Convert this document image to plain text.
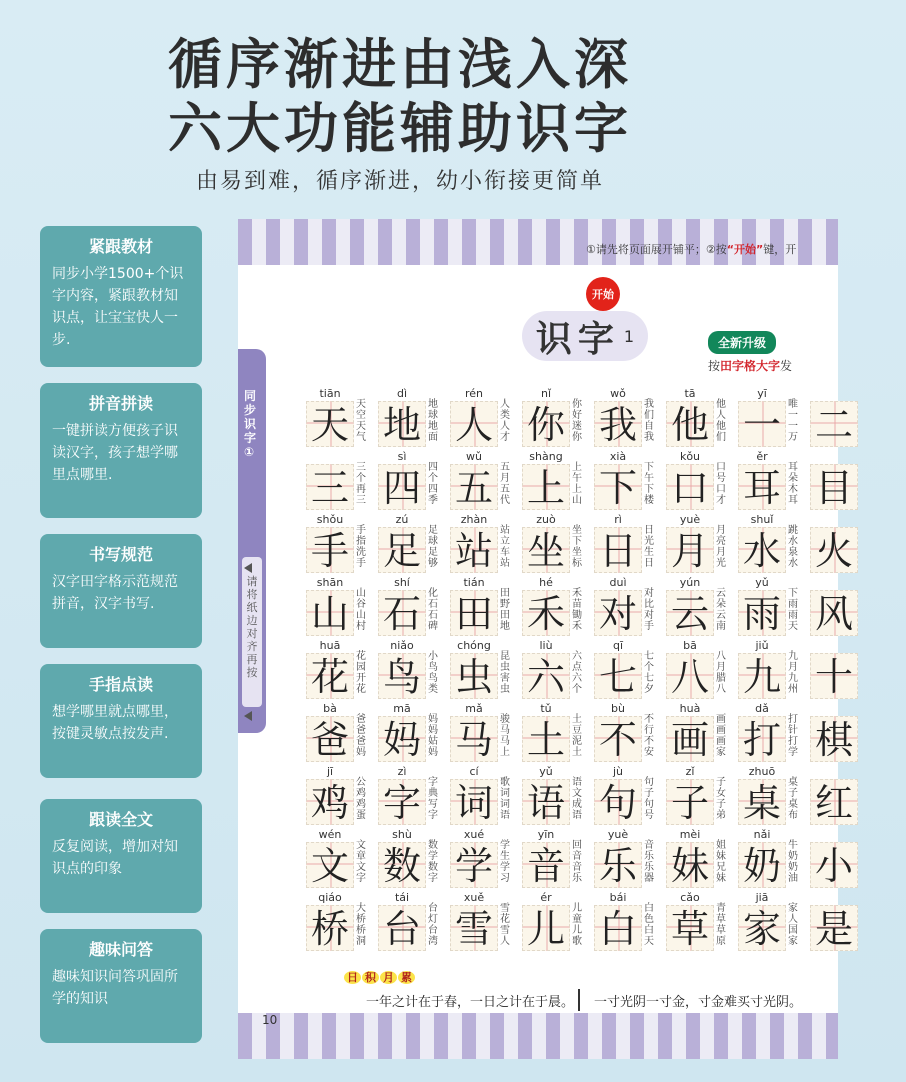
循序渐进由浅入深
六大功能辅助识字
由易到难，循序渐进，幼小衔接更简单
紧跟教材
同步小学1500+个识字内容，紧跟教材知识点，让宝宝快人一步.
拼音拼读
一键拼读方便孩子识读汉字，孩子想学哪里点哪里.
书写规范
汉字田字格示范规范拼音，汉字书写.
手指点读
想学哪里就点哪里，按键灵敏点按发声.
跟读全文
反复阅读，增加对知识点的印象
趣味问答
趣味知识问答巩固所学的知识
①请先将页面展开铺平；②按“开始”键，开
开始
识字 1	全新升级
按田字格大字发
同步识字①
请将纸边对齐再按
tiān
天 天空
天气
dì
地 地球
地面
rén
人 人类
人才
nǐ
你 你好
迷你
wǒ
我 我们
自我
tā
他 他人
他们
yī
一 唯一
一万 二
三 三个
再三
sì
四 四个
四季
wǔ
五 五月
五代
shàng
上 上午
上山
xià
下 下午
下楼
kǒu
口 口号
口才
ěr
耳 耳朵
木耳 目
shǒu
手 手指
洗手
zú
足 足球
足够
zhàn
站 站立
车站
zuò
坐 坐下
坐标
rì
日 日光
生日
yuè
月 月亮
月光
shuǐ
水 跳水
泉水 火
shān
山 山谷
山村
shí
石 化石
石碑
tián
田 田野
田地
hé
禾 禾苗
锄禾
duì
对 对比
对手
yún
云 云朵
云南
yǔ
雨 下雨
雨天 风
huā
花 花园
开花
niǎo
鸟 小鸟
鸟类
chóng
虫 昆虫
害虫
liù
六 六点
六个
qī
七 七个
七夕
bā
八 八月
腊八
jiǔ
九 九月
九州 十
bà
爸 爸爸
爸妈
mā
妈 妈妈
姑妈
mǎ
马 骏马
马上
tǔ
土 土豆
泥土
bù
不 不行
不安
huà
画 画画
画家
dǎ
打 打针
打学 棋
jī
鸡 公鸡
鸡蛋
zì
字 字典
写字
cí
词 歌词
词语
yǔ
语 语文
成语
jù
句 句子
句号
zǐ
子 子女
子弟
zhuō
桌 桌子
桌布 红
wén
文 文章
文字
shù
数 数学
数字
xué
学 学生
学习
yīn
音 回音
音乐
yuè
乐 音乐
乐器
mèi
妹 姐妹
兄妹
nǎi
奶 牛奶
奶油 小
qiáo
桥 大桥
桥洞
tái
台 台灯
台湾
xuě
雪 雪花
雪人
ér
儿 儿童
儿歌
bái
白 白色
白天
cǎo
草 青草
草原
jiā
家 家人
国家 是
日 积 月 累
一年之计在于春，一日之计在于晨。 一寸光阴一寸金，寸金难买寸光阴。
10
